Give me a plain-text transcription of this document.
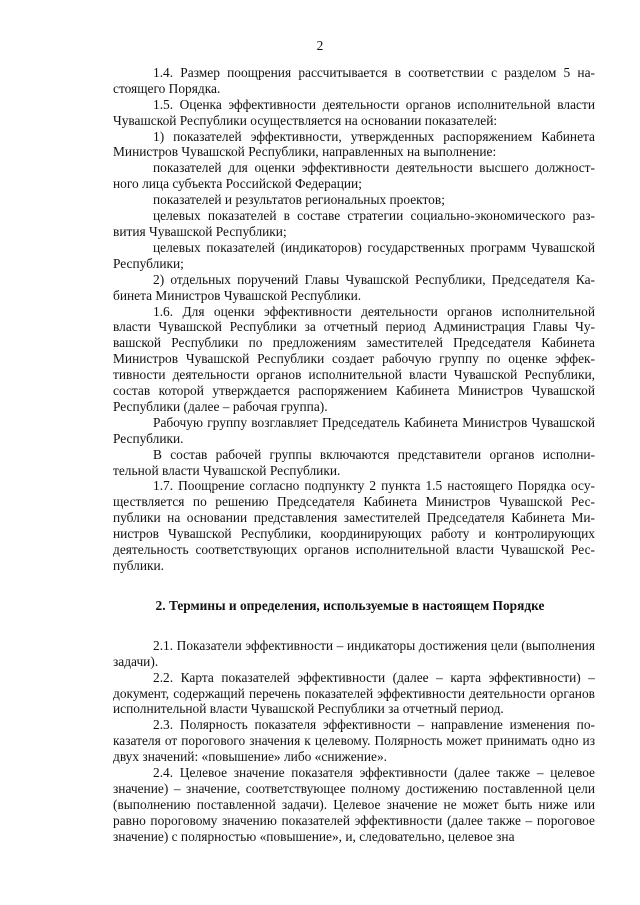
2

1.4. Размер поощрения рассчитывается в соответствии с разделом 5 настоящего Порядка.

1.5. Оценка эффективности деятельности органов исполнительной власти Чувашской Республики осуществляется на основании показателей:

1) показателей эффективности, утвержденных распоряжением Кабинета Министров Чувашской Республики, направленных на выполнение:

показателей для оценки эффективности деятельности высшего должностного лица субъекта Российской Федерации;

показателей и результатов региональных проектов;

целевых показателей в составе стратегии социально-экономического развития Чувашской Республики;

целевых показателей (индикаторов) государственных программ Чувашской Республики;

2) отдельных поручений Главы Чувашской Республики, Председателя Кабинета Министров Чувашской Республики.

1.6. Для оценки эффективности деятельности органов исполнительной власти Чувашской Республики за отчетный период Администрация Главы Чувашской Республики по предложениям заместителей Председателя Кабинета Министров Чувашской Республики создает рабочую группу по оценке эффективности деятельности органов исполнительной власти Чувашской Республики, состав которой утверждается распоряжением Кабинета Министров Чувашской Республики (далее – рабочая группа).

Рабочую группу возглавляет Председатель Кабинета Министров Чувашской Республики.

В состав рабочей группы включаются представители органов исполнительной власти Чувашской Республики.

1.7. Поощрение согласно подпункту 2 пункта 1.5 настоящего Порядка осуществляется по решению Председателя Кабинета Министров Чувашской Республики на основании представления заместителей Председателя Кабинета Министров Чувашской Республики, координирующих работу и контролирующих деятельность соответствующих органов исполнительной власти Чувашской Республики.

2. Термины и определения, используемые в настоящем Порядке

2.1. Показатели эффективности – индикаторы достижения цели (выполнения задачи).

2.2. Карта показателей эффективности (далее – карта эффективности) – документ, содержащий перечень показателей эффективности деятельности органов исполнительной власти Чувашской Республики за отчетный период.

2.3. Полярность показателя эффективности – направление изменения показателя от порогового значения к целевому. Полярность может принимать одно из двух значений: «повышение» либо «снижение».

2.4. Целевое значение показателя эффективности (далее также – целевое значение) – значение, соответствующее полному достижению поставленной цели (выполнению поставленной задачи). Целевое значение не может быть ниже или равно пороговому значению показателей эффективности (далее также – пороговое значение) с полярностью «повышение», и, следовательно, целевое зна
